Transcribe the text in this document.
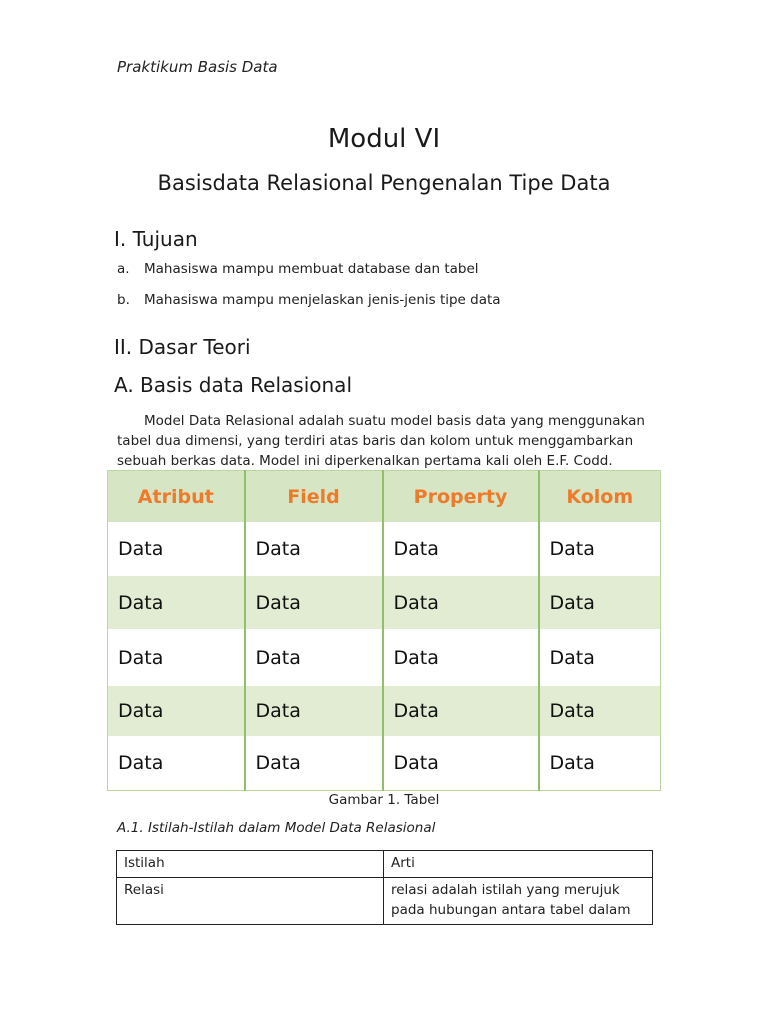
Praktikum Basis Data
Modul VI
Basisdata Relasional Pengenalan Tipe Data
I. Tujuan
a. Mahasiswa mampu membuat database dan tabel
b. Mahasiswa mampu menjelaskan jenis-jenis tipe data
II. Dasar Teori
A. Basis data Relasional
Model Data Relasional adalah suatu model basis data yang menggunakan
tabel dua dimensi, yang terdiri atas baris dan kolom untuk menggambarkan
sebuah berkas data. Model ini diperkenalkan pertama kali oleh E.F. Codd.
Atribut	Field	Property	Kolom
Data	Data	Data	Data
Data	Data	Data	Data
Data	Data	Data	Data
Data	Data	Data	Data
Data	Data	Data	Data
Gambar 1. Tabel
A.1. Istilah-Istilah dalam Model Data Relasional
Istilah	Arti
Relasi	relasi adalah istilah yang merujuk
pada hubungan antara tabel dalam
